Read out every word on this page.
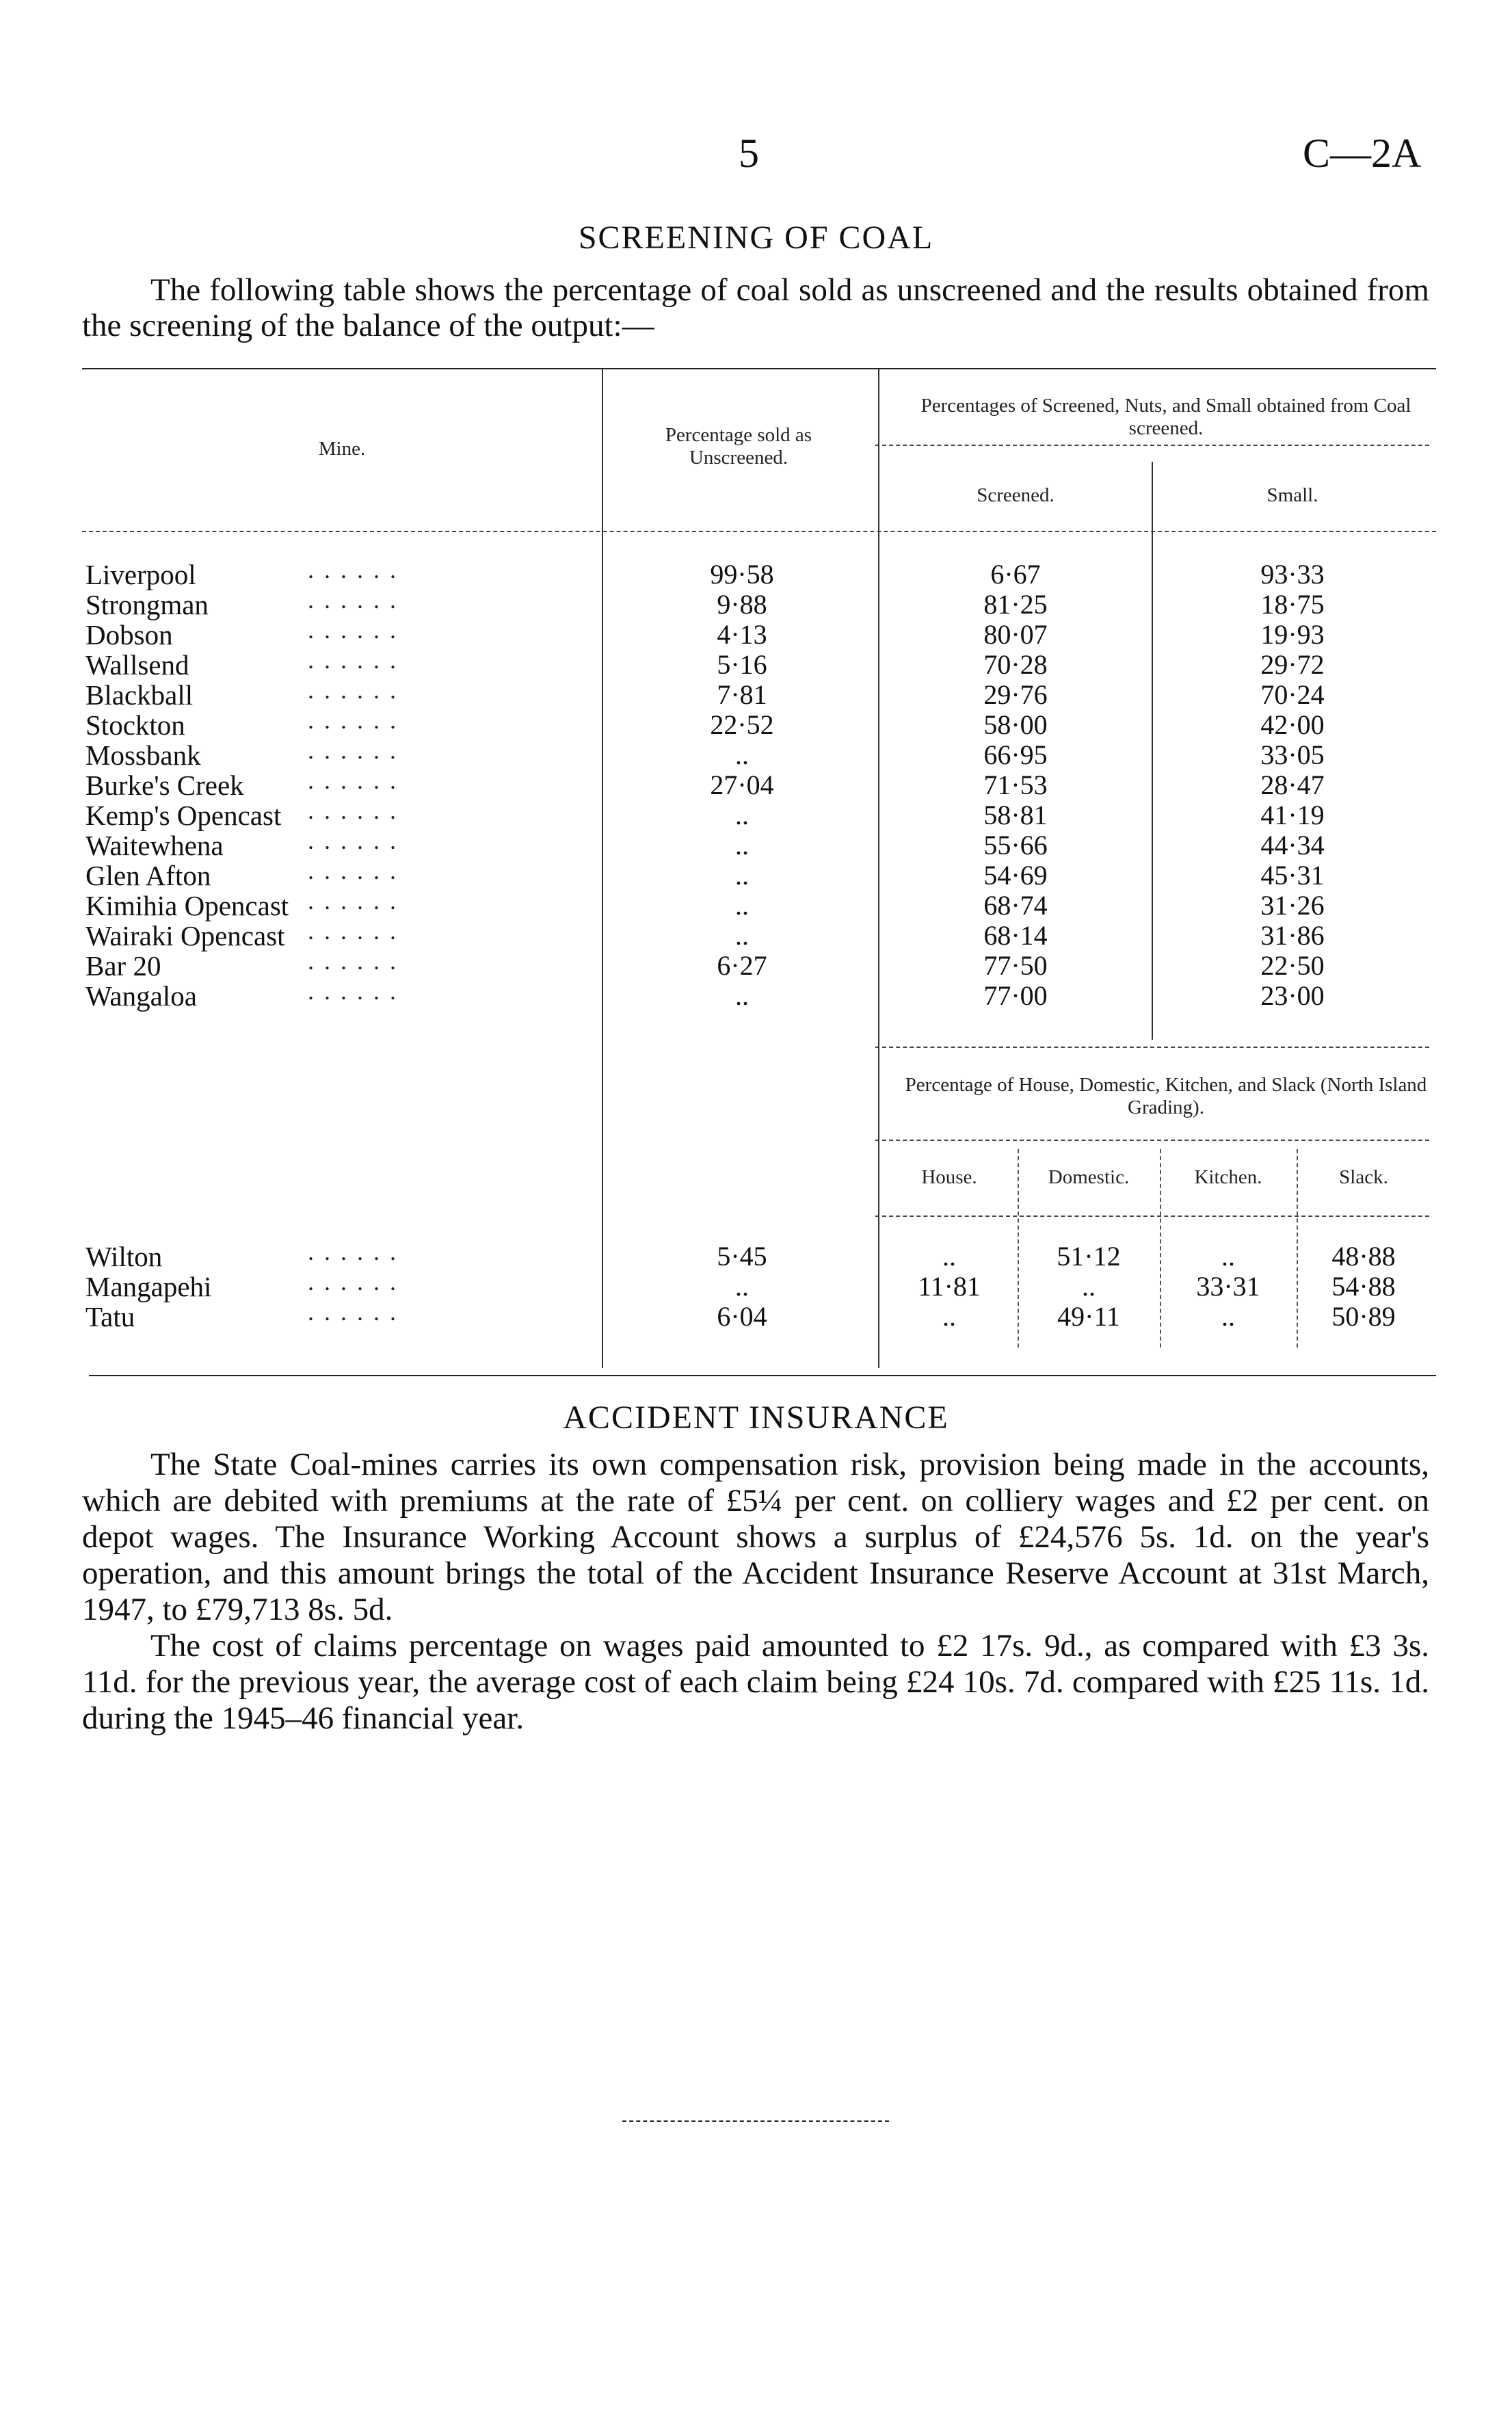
5	C—2A
SCREENING OF COAL

The following table shows the percentage of coal sold as unscreened and the results obtained from the screening of the balance of the output:—

Mine.
Percentage sold as Unscreened.
Percentages of Screened, Nuts, and Small obtained from Coal screened.
Screened.	Small.
Percentage of House, Domestic, Kitchen, and Slack (North Island Grading).
House.	Domestic.	Kitchen.	Slack.
Liverpool	. . . . . .	99·58	6·67	93·33
Strongman	. . . . . .	9·88	81·25	18·75
Dobson	. . . . . .	4·13	80·07	19·93
Wallsend	. . . . . .	5·16	70·28	29·72
Blackball	. . . . . .	7·81	29·76	70·24
Stockton	. . . . . .	22·52	58·00	42·00
Mossbank	. . . . . .	..	66·95	33·05
Burke's Creek	. . . . . .	27·04	71·53	28·47
Kemp's Opencast . . . . . .	..	58·81	41·19
Waitewhena	. . . . . .	..	55·66	44·34
Glen Afton	. . . . . .	..	54·69	45·31
Kimihia Opencast . . . . . .	..	68·74	31·26
Wairaki Opencast . . . . . .	..	68·14	31·86
Bar 20	. . . . . .	6·27	77·50	22·50
Wangaloa	. . . . . .	..	77·00	23·00
Wilton	. . . . . .	5·45	..	51·12	..	48·88
Mangapehi	. . . . . .	..	11·81	..	33·31	54·88
Tatu	. . . . . .	6·04	..	49·11	..	50·89
ACCIDENT INSURANCE

The State Coal-mines carries its own compensation risk, provision being made in the accounts, which are debited with premiums at the rate of £5¼ per cent. on colliery wages and £2 per cent. on depot wages. The Insurance Working Account shows a surplus of £24,576 5s. 1d. on the year's operation, and this amount brings the total of the Accident Insurance Reserve Account at 31st March, 1947, to £79,713 8s. 5d.

The cost of claims percentage on wages paid amounted to £2 17s. 9d., as compared with £3 3s. 11d. for the previous year, the average cost of each claim being £24 10s. 7d. compared with £25 11s. 1d. during the 1945–46 financial year.
